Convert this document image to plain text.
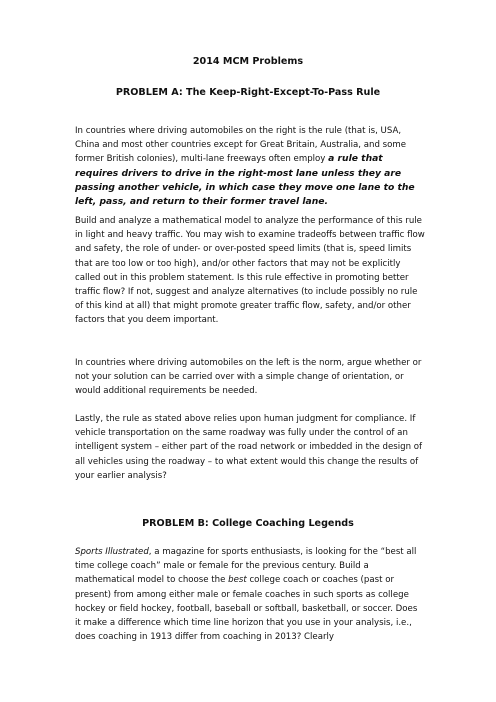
2014 MCM Problems
PROBLEM A: The Keep-Right-Except-To-Pass Rule

In countries where driving automobiles on the right is the rule (that is, USA, China and most other countries except for Great Britain, Australia, and some former British colonies), multi-lane freeways often employ a rule that requires drivers to drive in the right-most lane unless they are passing another vehicle, in which case they move one lane to the left, pass, and return to their former travel lane.

Build and analyze a mathematical model to analyze the performance of this rule in light and heavy traffic. You may wish to examine tradeoffs between traffic flow and safety, the role of under- or over-posted speed limits (that is, speed limits that are too low or too high), and/or other factors that may not be explicitly called out in this problem statement. Is this rule effective in promoting better traffic flow? If not, suggest and analyze alternatives (to include possibly no rule of this kind at all) that might promote greater traffic flow, safety, and/or other factors that you deem important.

In countries where driving automobiles on the left is the norm, argue whether or not your solution can be carried over with a simple change of orientation, or would additional requirements be needed.

Lastly, the rule as stated above relies upon human judgment for compliance. If vehicle transportation on the same roadway was fully under the control of an intelligent system – either part of the road network or imbedded in the design of all vehicles using the roadway – to what extent would this change the results of your earlier analysis?

PROBLEM B: College Coaching Legends

Sports Illustrated, a magazine for sports enthusiasts, is looking for the “best all time college coach” male or female for the previous century. Build a mathematical model to choose the best college coach or coaches (past or present) from among either male or female coaches in such sports as college hockey or field hockey, football, baseball or softball, basketball, or soccer. Does it make a difference which time line horizon that you use in your analysis, i.e., does coaching in 1913 differ from coaching in 2013? Clearly
